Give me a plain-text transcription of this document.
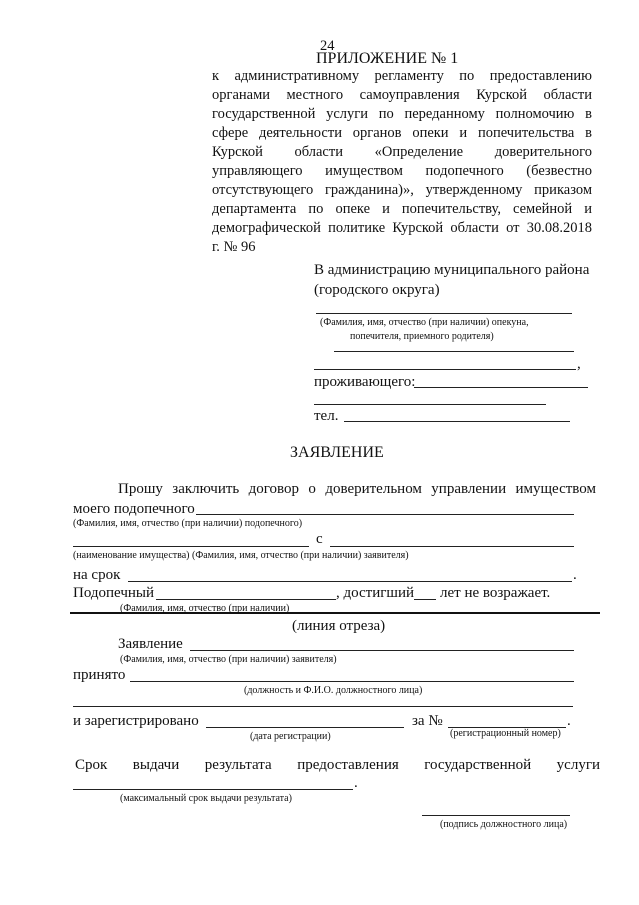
24
ПРИЛОЖЕНИЕ № 1
к административному регламенту по предоставлению
органами местного самоуправления Курской области
государственной услуги по переданному полномочию в
сфере деятельности органов опеки и попечительства в
Курской области «Определение доверительного
управляющего имуществом подопечного (безвестно
отсутствующего гражданина)», утвержденному приказом
департамента по опеке и попечительству, семейной и
демографической политике Курской области от 30.08.2018
г. № 96
В администрацию муниципального района
(городского округа)
(Фамилия, имя, отчество (при наличии) опекуна,
попечителя, приемного родителя)
,
проживающего:
тел.
ЗАЯВЛЕНИЕ
Прошу заключить договор о доверительном управлении имуществом
моего подопечного
(Фамилия, имя, отчество (при наличии) подопечного)
с
(наименование имущества) (Фамилия, имя, отчество (при наличии) заявителя)
на срок	.
Подопечный	, достигший лет не возражает.
(Фамилия, имя, отчество (при наличии)
(линия отреза)
Заявление
(Фамилия, имя, отчество (при наличии) заявителя)
принято
(должность и Ф.И.О. должностного лица)
и зарегистрировано	за №	.
(дата регистрации)	(регистрационный номер)
Срок выдачи результата предоставления государственной услуги
.
(максимальный срок выдачи результата)
(подпись должностного лица)
